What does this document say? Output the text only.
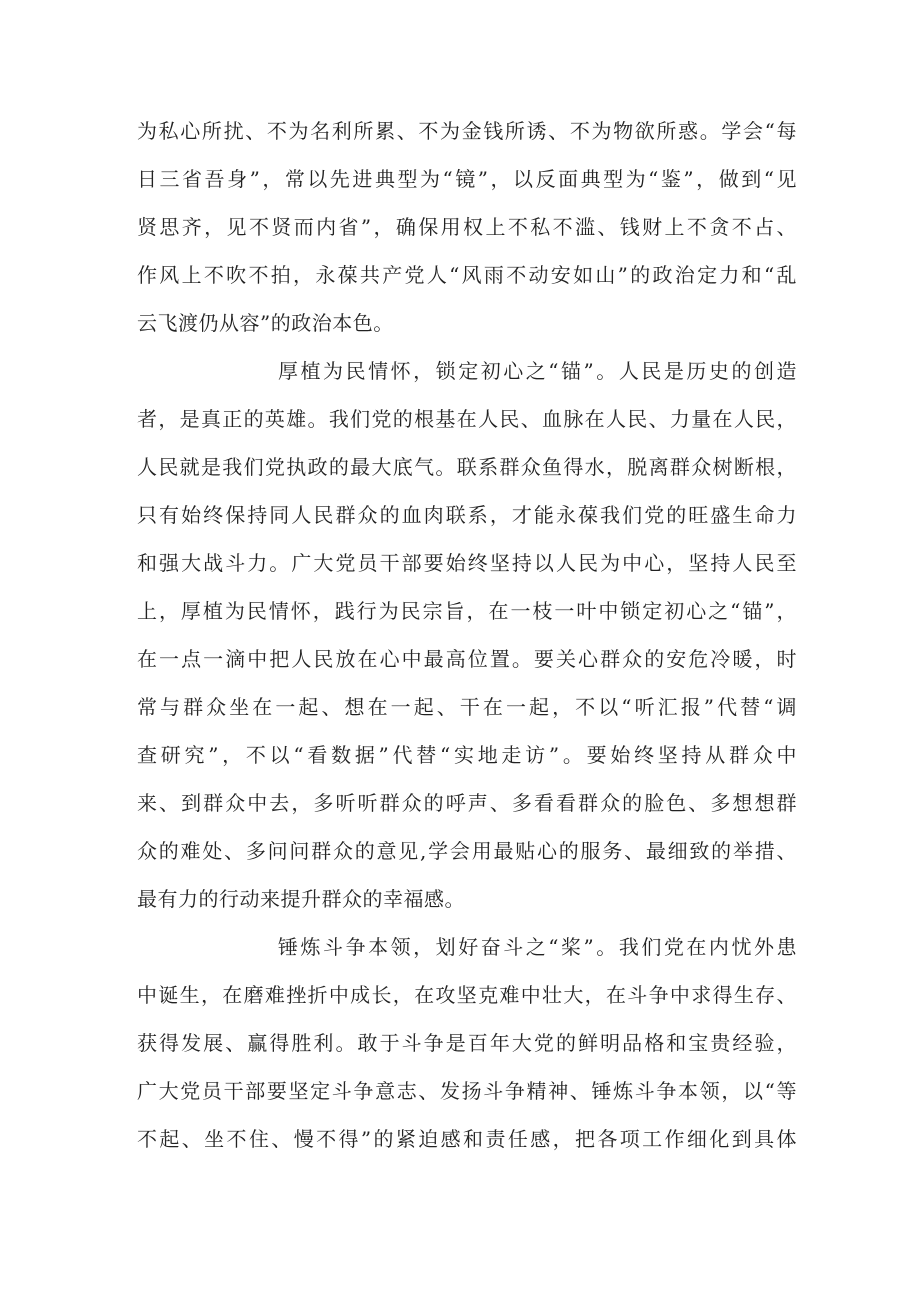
为私心所扰、不为名利所累、不为金钱所诱、不为物欲所惑。学会“每
日三省吾身”，常以先进典型为“镜”，以反面典型为“鉴”，做到“见
贤思齐，见不贤而内省”，确保用权上不私不滥、钱财上不贪不占、
作风上不吹不拍，永葆共产党人“风雨不动安如山”的政治定力和“乱
云飞渡仍从容”的政治本色。
厚植为民情怀，锁定初心之“锚”。人民是历史的创造
者，是真正的英雄。我们党的根基在人民、血脉在人民、力量在人民，
人民就是我们党执政的最大底气。联系群众鱼得水，脱离群众树断根，
只有始终保持同人民群众的血肉联系，才能永葆我们党的旺盛生命力
和强大战斗力。广大党员干部要始终坚持以人民为中心，坚持人民至
上，厚植为民情怀，践行为民宗旨，在一枝一叶中锁定初心之“锚”，
在一点一滴中把人民放在心中最高位置。要关心群众的安危冷暖，时
常与群众坐在一起、想在一起、干在一起，不以“听汇报”代替“调
查研究”，不以“看数据”代替“实地走访”。要始终坚持从群众中
来、到群众中去，多听听群众的呼声、多看看群众的脸色、多想想群
众的难处、多问问群众的意见,学会用最贴心的服务、最细致的举措、
最有力的行动来提升群众的幸福感。
锤炼斗争本领，划好奋斗之“桨”。我们党在内忧外患
中诞生，在磨难挫折中成长，在攻坚克难中壮大，在斗争中求得生存、
获得发展、赢得胜利。敢于斗争是百年大党的鲜明品格和宝贵经验，
广大党员干部要坚定斗争意志、发扬斗争精神、锤炼斗争本领，以“等
不起、坐不住、慢不得”的紧迫感和责任感，把各项工作细化到具体
